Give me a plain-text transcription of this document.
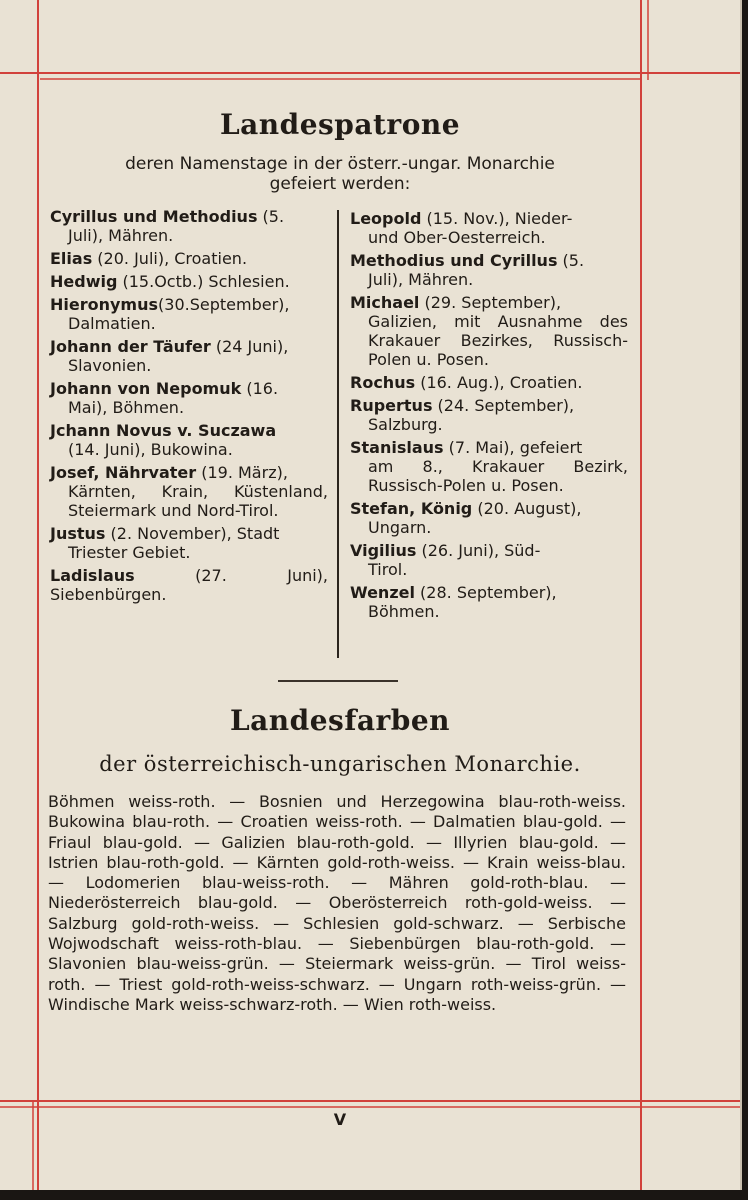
Landespatrone
deren Namenstage in der österr.-ungar. Monarchie
gefeiert werden:
Cyrillus und Methodius (5.
Juli), Mähren.
Elias (20. Juli), Croatien.
Hedwig (15.Octb.) Schlesien.
Hieronymus(30.September),
Dalmatien.
Johann der Täufer (24 Juni),
Slavonien.
Johann von Nepomuk (16.
Mai), Böhmen.
Jchann Novus v. Suczawa
(14. Juni), Bukowina.
Josef, Nährvater (19. März),
Kärnten, Krain, Küstenland, Steiermark und Nord-Tirol.
Justus (2. November), Stadt
Triester Gebiet.
Ladislaus (27. Juni), Siebenbürgen.
Leopold (15. Nov.), Nieder-
und Ober-Oesterreich.
Methodius und Cyrillus (5.
Juli), Mähren.
Michael (29. September),
Galizien, mit Ausnahme des Krakauer Bezirkes, Russisch-Polen u. Posen.
Rochus (16. Aug.), Croatien.
Rupertus (24. September),
Salzburg.
Stanislaus (7. Mai), gefeiert
am 8., Krakauer Bezirk, Russisch-Polen u. Posen.
Stefan, König (20. August),
Ungarn.
Vigilius (26. Juni), Süd-
Tirol.
Wenzel (28. September),
Böhmen.
Landesfarben
der österreichisch-ungarischen Monarchie.
Böhmen weiss-roth. — Bosnien und Herzegowina blau-roth-weiss. Bukowina blau-roth. — Croatien weiss-roth. — Dalmatien blau-gold. — Friaul blau-gold. — Galizien blau-roth-gold. — Illyrien blau-gold. — Istrien blau-roth-gold. — Kärnten gold-roth-weiss. — Krain weiss-blau. — Lodomerien blau-weiss-roth. — Mähren gold-roth-blau. — Niederösterreich blau-gold. — Oberösterreich roth-gold-weiss. — Salzburg gold-roth-weiss. — Schlesien gold-schwarz. — Serbische Wojwodschaft weiss-roth-blau. — Siebenbürgen blau-roth-gold. — Slavonien blau-weiss-grün. — Steiermark weiss-grün. — Tirol weiss-roth. — Triest gold-roth-weiss-schwarz. — Ungarn roth-weiss-grün. — Windische Mark weiss-schwarz-roth. — Wien roth-weiss.
V
